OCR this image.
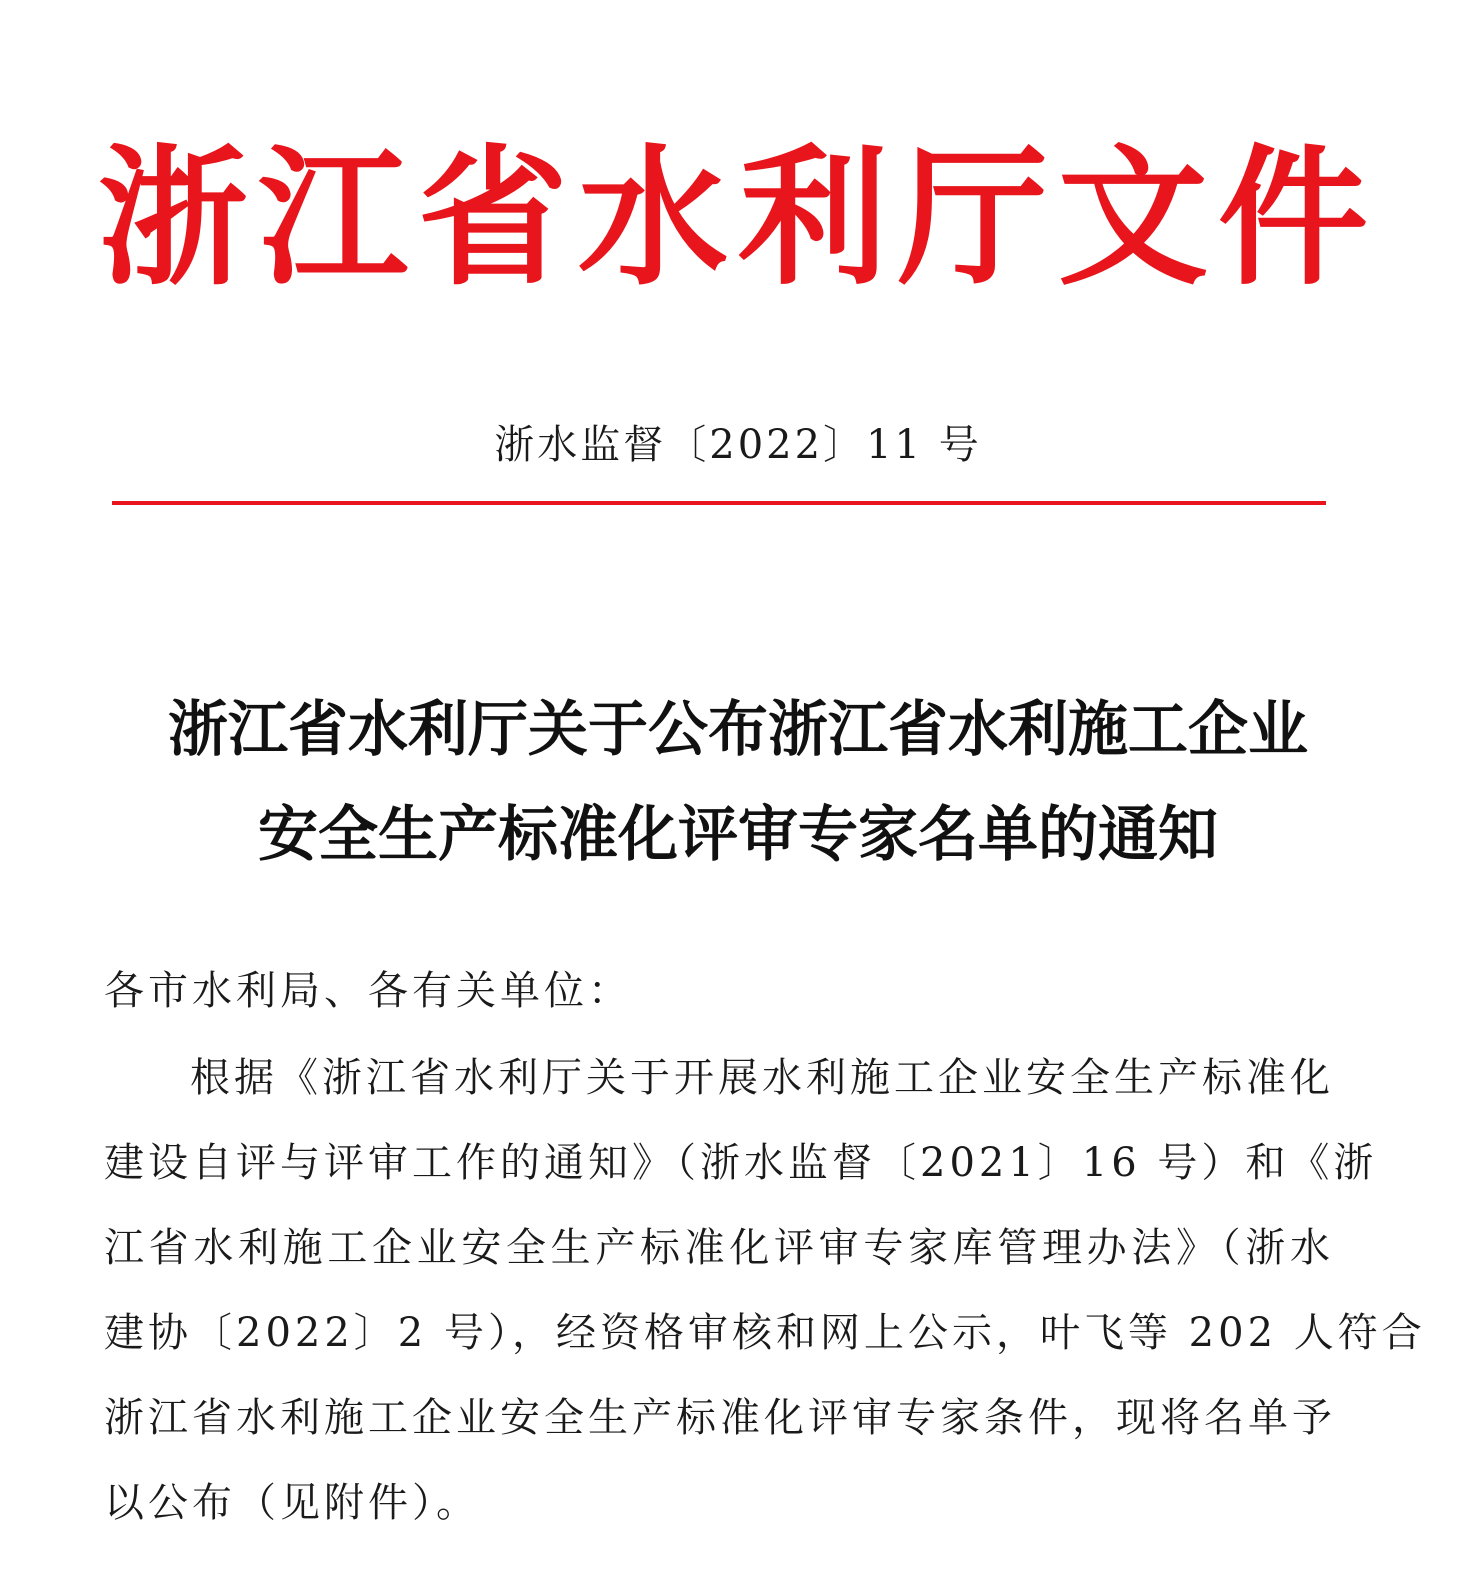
浙江省水利厅文件
浙水监督〔2022〕11 号
浙江省水利厅关于公布浙江省水利施工企业
安全生产标准化评审专家名单的通知
各市水利局、各有关单位：
根据《浙江省水利厅关于开展水利施工企业安全生产标准化
建设自评与评审工作的通知》（浙水监督〔2021〕16 号）和《浙
江省水利施工企业安全生产标准化评审专家库管理办法》（浙水
建协〔2022〕2 号），经资格审核和网上公示，叶飞等 202 人符合
浙江省水利施工企业安全生产标准化评审专家条件，现将名单予
以公布（见附件）。
